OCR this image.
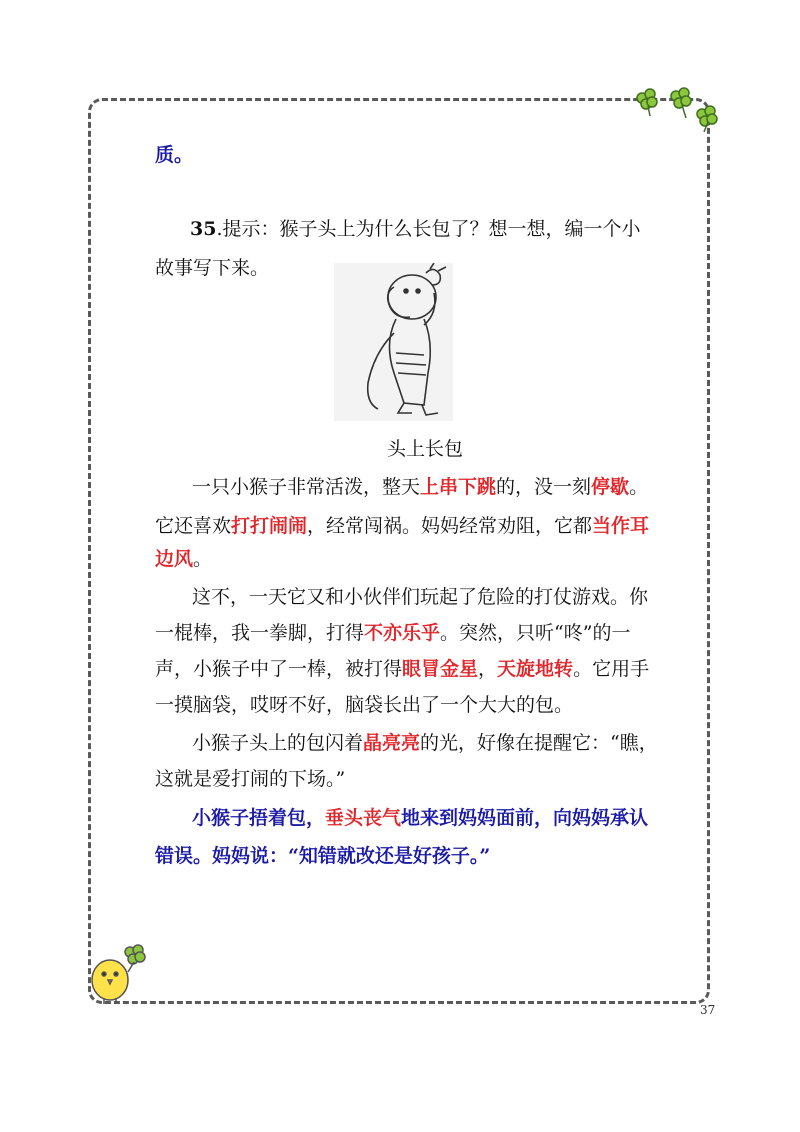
质。
35.提示：猴子头上为什么长包了？想一想，编一个小
故事写下来。
头上长包
一只小猴子非常活泼，整天上串下跳的，没一刻停歇。
它还喜欢打打闹闹，经常闯祸。妈妈经常劝阻，它都当作耳
边风。
这不，一天它又和小伙伴们玩起了危险的打仗游戏。你
一棍棒，我一拳脚，打得不亦乐乎。突然，只听“咚”的一
声，小猴子中了一棒，被打得眼冒金星，天旋地转。它用手
一摸脑袋，哎呀不好，脑袋长出了一个大大的包。
小猴子头上的包闪着晶亮亮的光，好像在提醒它：“瞧，
这就是爱打闹的下场。”
小猴子捂着包，垂头丧气地来到妈妈面前，向妈妈承认
错误。妈妈说：“知错就改还是好孩子。”
37
